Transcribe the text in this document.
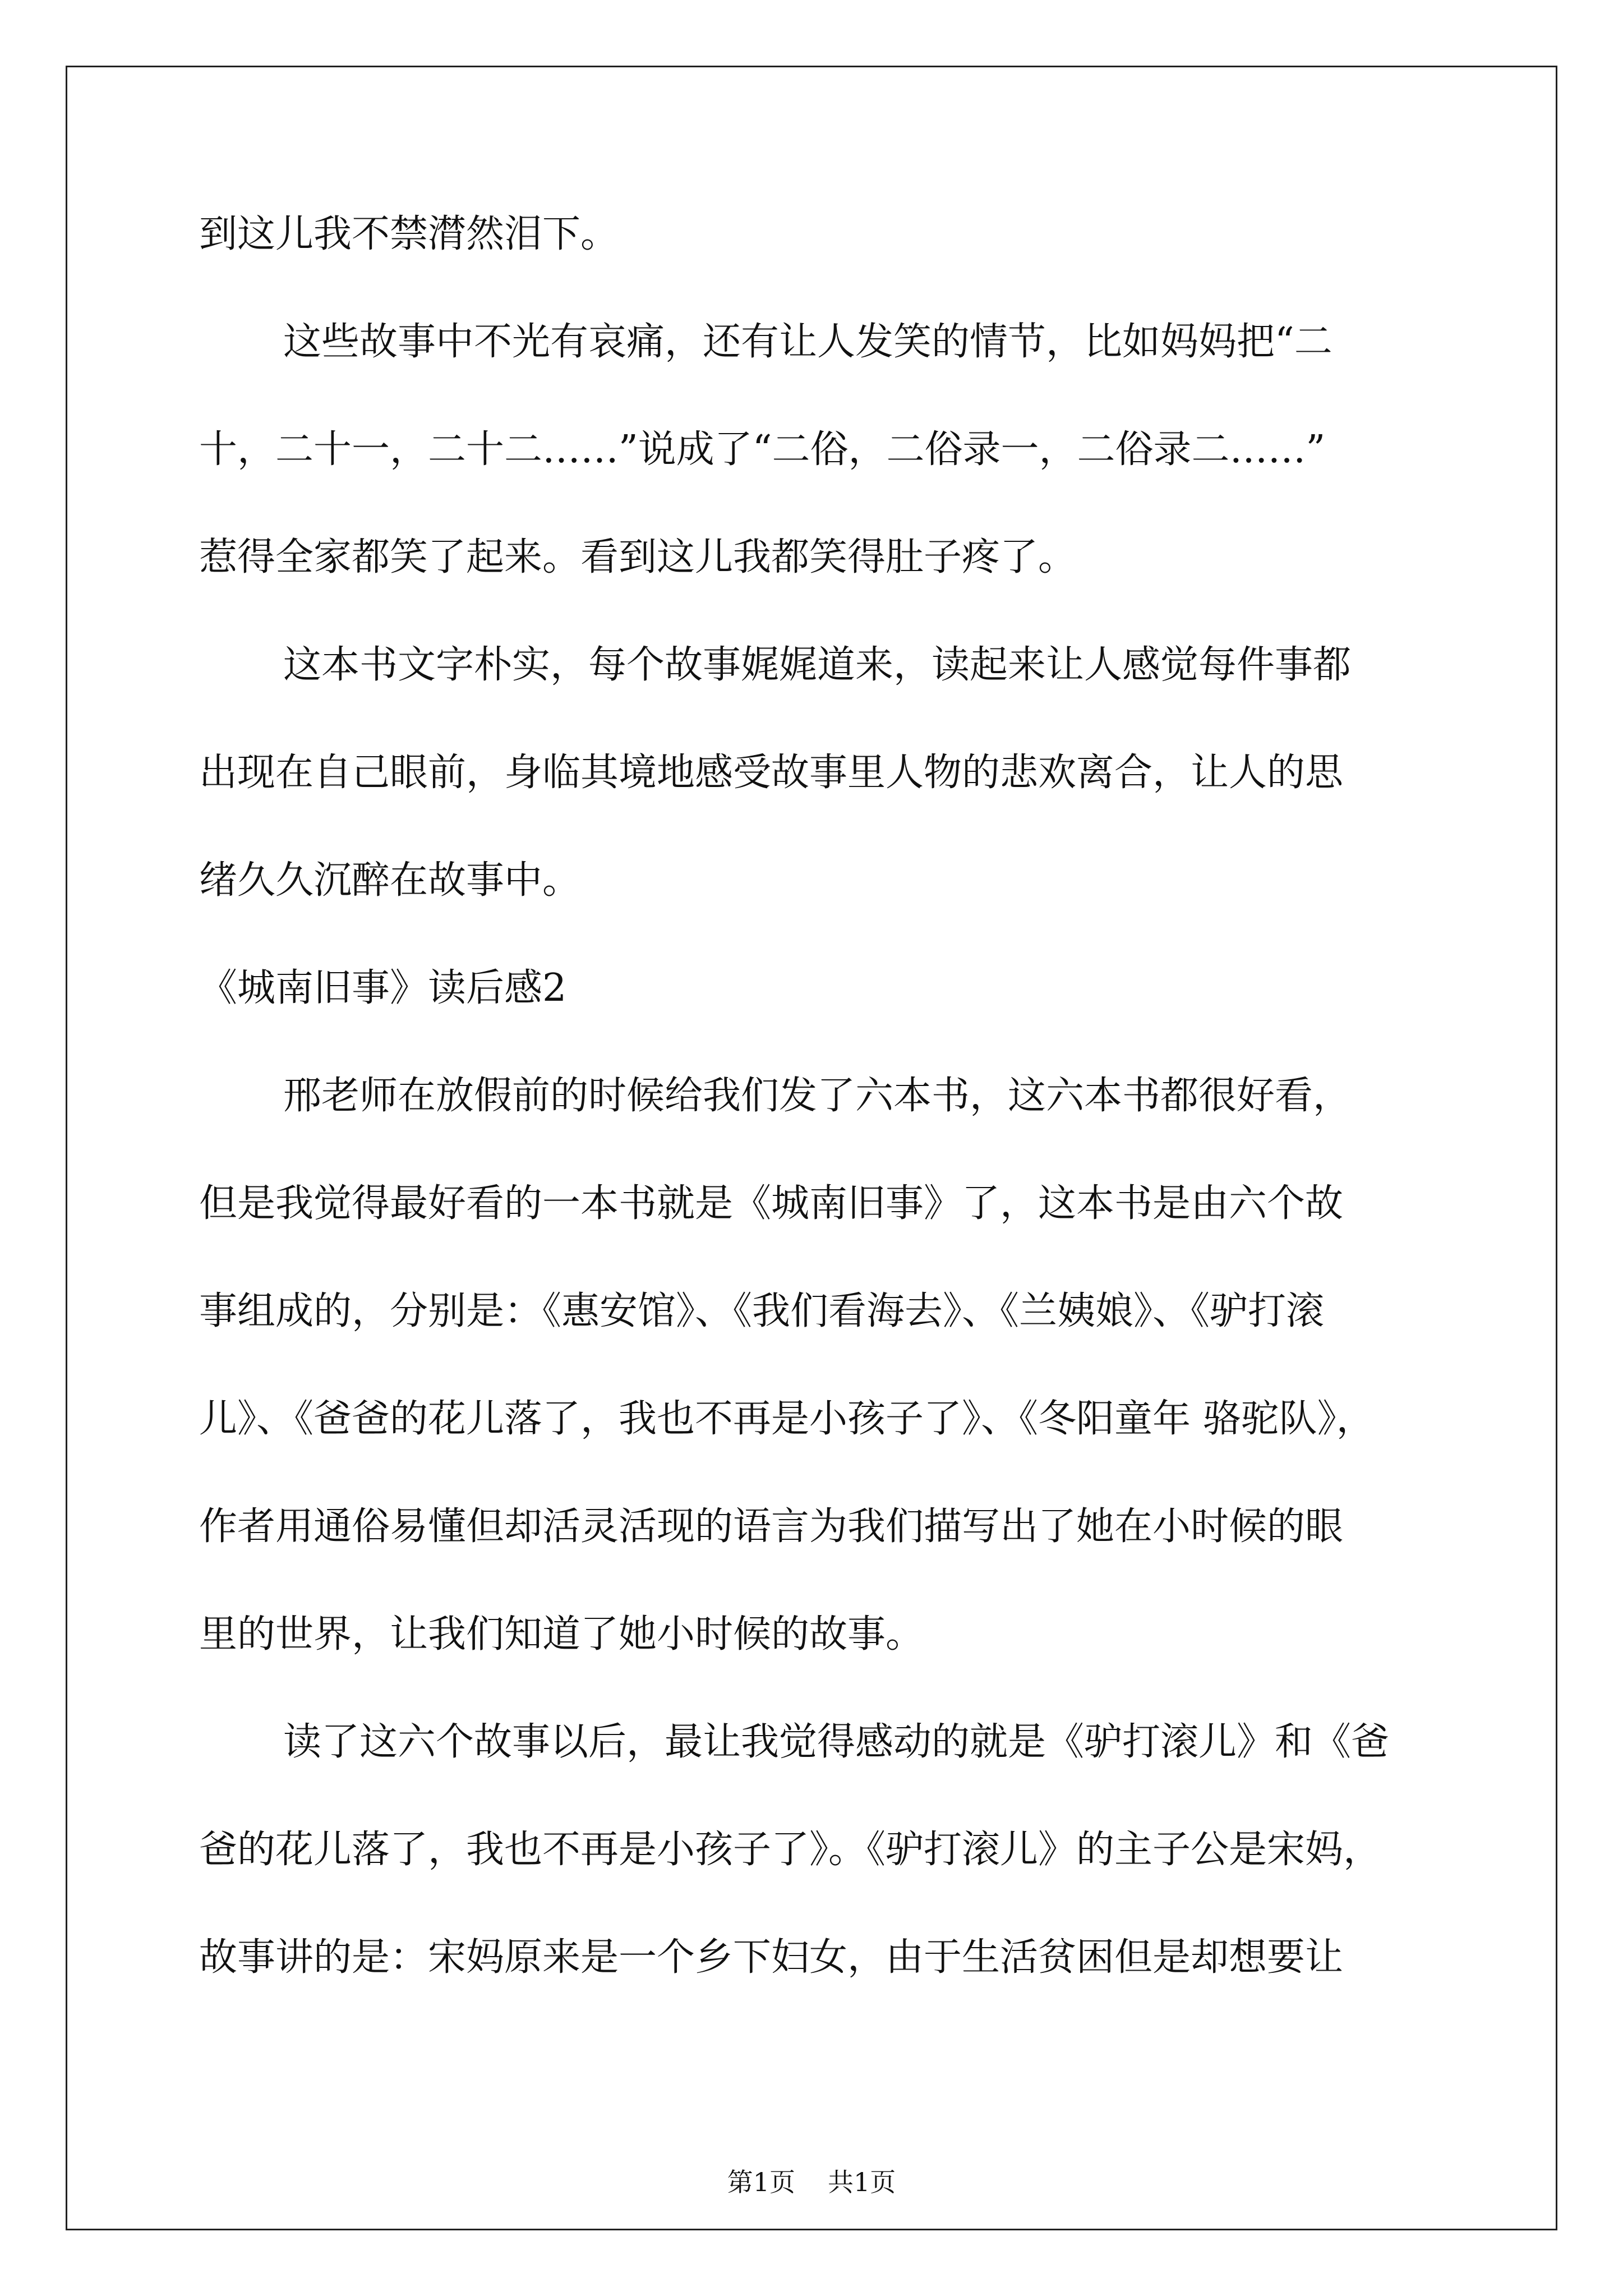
到这儿我不禁潸然泪下。
这些故事中不光有哀痛，还有让人发笑的情节，比如妈妈把“二
十，二十一，二十二……”说成了“二俗，二俗录一，二俗录二……”
惹得全家都笑了起来。看到这儿我都笑得肚子疼了。
这本书文字朴实，每个故事娓娓道来，读起来让人感觉每件事都
出现在自己眼前，身临其境地感受故事里人物的悲欢离合，让人的思
绪久久沉醉在故事中。
《城南旧事》读后感2
邢老师在放假前的时候给我们发了六本书，这六本书都很好看，
但是我觉得最好看的一本书就是《城南旧事》了，这本书是由六个故
事组成的，分别是：《惠安馆》、《我们看海去》、《兰姨娘》、《驴打滚
儿》、《爸爸的花儿落了，我也不再是小孩子了》、《冬阳童年 骆驼队》，
作者用通俗易懂但却活灵活现的语言为我们描写出了她在小时候的眼
里的世界，让我们知道了她小时候的故事。
读了这六个故事以后，最让我觉得感动的就是《驴打滚儿》和《爸
爸的花儿落了，我也不再是小孩子了》。《驴打滚儿》的主子公是宋妈，
故事讲的是：宋妈原来是一个乡下妇女，由于生活贫困但是却想要让
第1页 共1页
